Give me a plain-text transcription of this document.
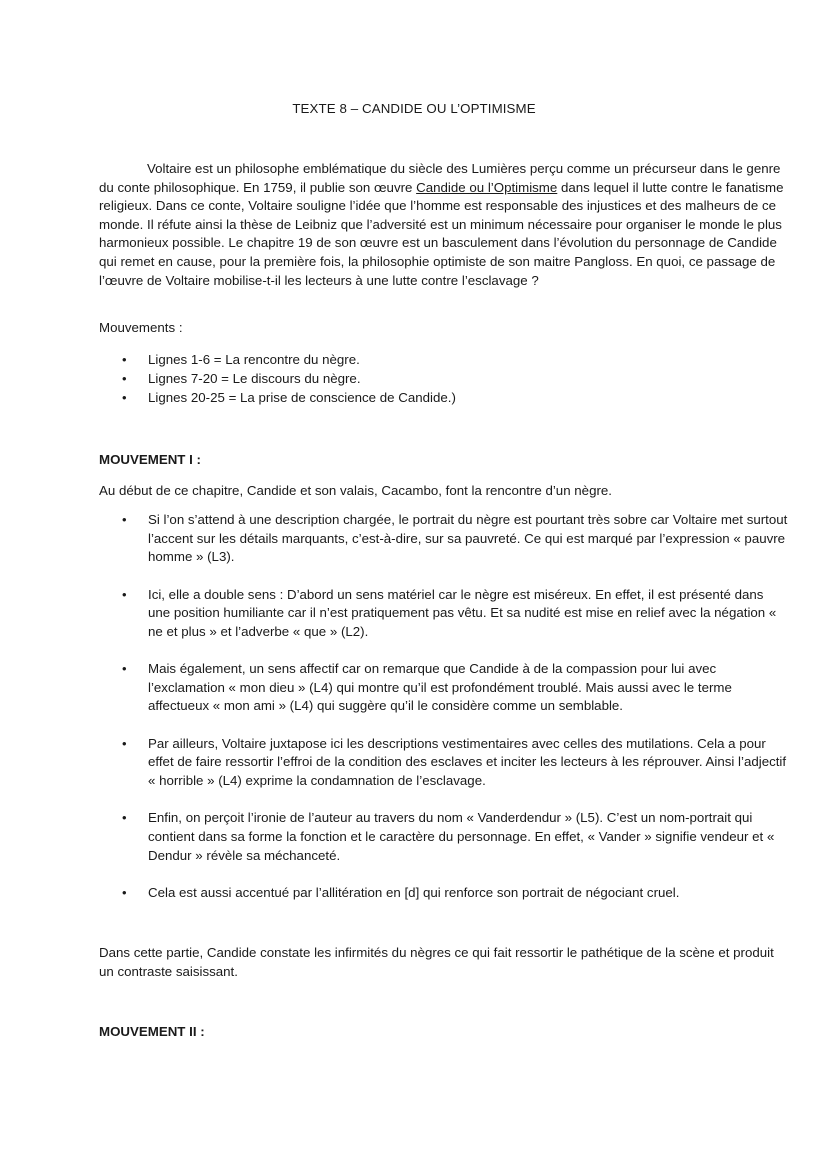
TEXTE 8 – CANDIDE OU L’OPTIMISME

Voltaire est un philosophe emblématique du siècle des Lumières perçu comme un précurseur dans le genre du conte philosophique. En 1759, il publie son œuvre Candide ou l’Optimisme dans lequel il lutte contre le fanatisme religieux. Dans ce conte, Voltaire souligne l’idée que l’homme est responsable des injustices et des malheurs de ce monde. Il réfute ainsi la thèse de Leibniz que l’adversité est un minimum nécessaire pour organiser le monde le plus harmonieux possible. Le chapitre 19 de son œuvre est un basculement dans l’évolution du personnage de Candide qui remet en cause, pour la première fois, la philosophie optimiste de son maitre Pangloss. En quoi, ce passage de l’œuvre de Voltaire mobilise-t-il les lecteurs à une lutte contre l’esclavage ?

Mouvements :
• Lignes 1-6 = La rencontre du nègre.
• Lignes 7-20 = Le discours du nègre.
• Lignes 20-25 = La prise de conscience de Candide.)
MOUVEMENT I :

Au début de ce chapitre, Candide et son valais, Cacambo, font la rencontre d’un nègre.

• Si l’on s’attend à une description chargée, le portrait du nègre est pourtant très sobre car Voltaire met surtout l’accent sur les détails marquants, c’est-à-dire, sur sa pauvreté. Ce qui est marqué par l’expression « pauvre homme » (L3).
• Ici, elle a double sens : D’abord un sens matériel car le nègre est miséreux. En effet, il est présenté dans une position humiliante car il n’est pratiquement pas vêtu. Et sa nudité est mise en relief avec la négation « ne et plus » et l’adverbe « que » (L2).
• Mais également, un sens affectif car on remarque que Candide à de la compassion pour lui avec l’exclamation « mon dieu » (L4) qui montre qu’il est profondément troublé. Mais aussi avec le terme affectueux « mon ami » (L4) qui suggère qu’il le considère comme un semblable.
• Par ailleurs, Voltaire juxtapose ici les descriptions vestimentaires avec celles des mutilations. Cela a pour effet de faire ressortir l’effroi de la condition des esclaves et inciter les lecteurs à les réprouver. Ainsi l’adjectif « horrible » (L4) exprime la condamnation de l’esclavage.
• Enfin, on perçoit l’ironie de l’auteur au travers du nom « Vanderdendur » (L5). C’est un nom-portrait qui contient dans sa forme la fonction et le caractère du personnage. En effet, « Vander » signifie vendeur et « Dendur » révèle sa méchanceté.
• Cela est aussi accentué par l’allitération en [d] qui renforce son portrait de négociant cruel.

Dans cette partie, Candide constate les infirmités du nègres ce qui fait ressortir le pathétique de la scène et produit un contraste saisissant.

MOUVEMENT II :
